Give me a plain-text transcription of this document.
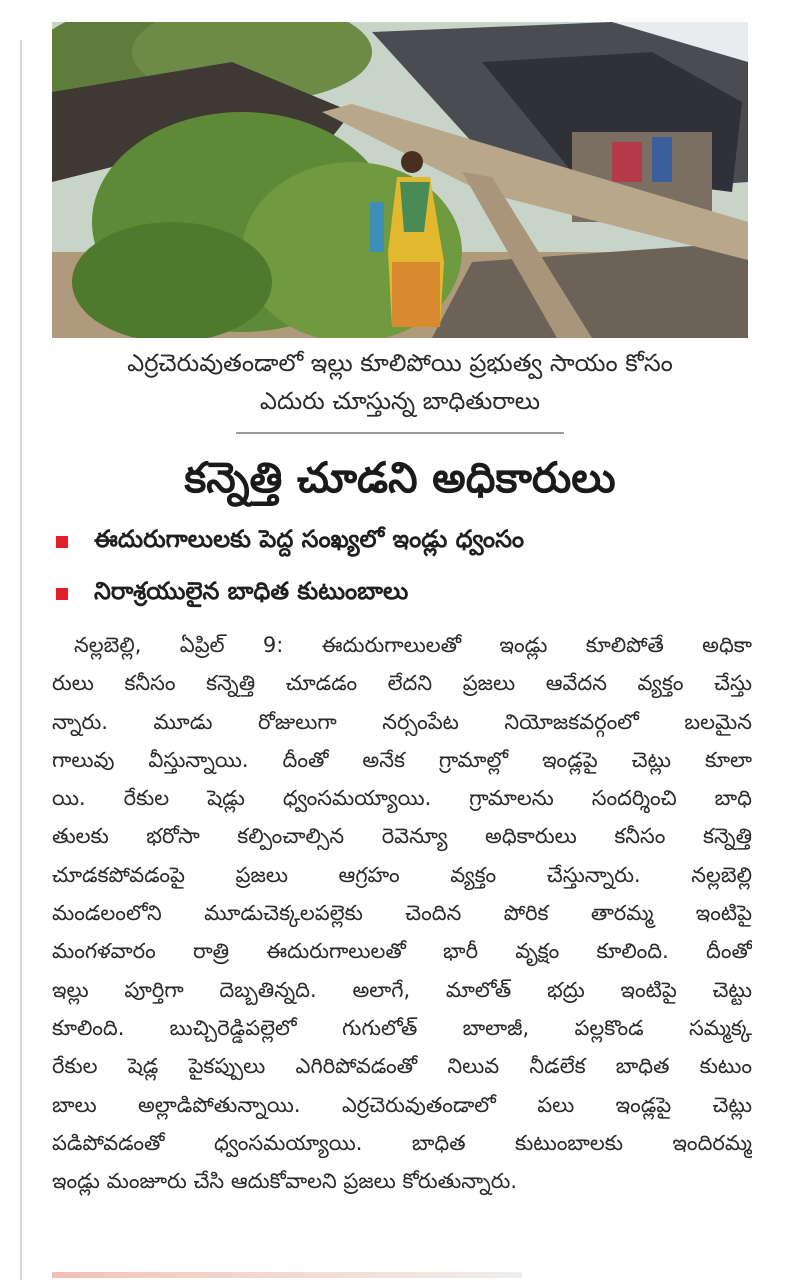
ఎర్రచెరువుతండాలో ఇల్లు కూలిపోయి ప్రభుత్వ సాయం కోసం
ఎదురు చూస్తున్న బాధితురాలు
కన్నెత్తి చూడని అధికారులు
ఈదురుగాలులకు పెద్ద సంఖ్యలో ఇండ్లు ధ్వంసం
నిరాశ్రయులైన బాధిత కుటుంబాలు
నల్లబెల్లి, ఏప్రిల్ 9: ఈదురుగాలులతో ఇండ్లు కూలిపోతే అధికా
రులు కనీసం కన్నెత్తి చూడడం లేదని ప్రజలు ఆవేదన వ్యక్తం చేస్తు
న్నారు. మూడు రోజులుగా నర్సంపేట నియోజకవర్గంలో బలమైన
గాలువు వీస్తున్నాయి. దీంతో అనేక గ్రామాల్లో ఇండ్లపై చెట్లు కూలా
యి. రేకుల షెడ్లు ధ్వంసమయ్యాయి. గ్రామాలను సందర్శించి బాధి
తులకు భరోసా కల్పించాల్సిన రెవెన్యూ అధికారులు కనీసం కన్నెత్తి
చూడకపోవడంపై ప్రజలు ఆగ్రహం వ్యక్తం చేస్తున్నారు. నల్లబెల్లి
మండలంలోని మూడుచెక్కలపల్లెకు చెందిన పోరిక తారమ్మ ఇంటిపై
మంగళవారం రాత్రి ఈదురుగాలులతో భారీ వృక్షం కూలింది. దీంతో
ఇల్లు పూర్తిగా దెబ్బతిన్నది. అలాగే, మాలోత్ భద్రు ఇంటిపై చెట్టు
కూలింది. బుచ్చిరెడ్డిపల్లెలో గుగులోత్ బాలాజీ, పల్లకొండ సమ్మక్క
రేకుల షెడ్ల పైకప్పులు ఎగిరిపోవడంతో నిలువ నీడలేక బాధిత కుటుం
బాలు అల్లాడిపోతున్నాయి. ఎర్రచెరువుతండాలో పలు ఇండ్లపై చెట్లు
పడిపోవడంతో ధ్వంసమయ్యాయి. బాధిత కుటుంబాలకు ఇందిరమ్మ
ఇండ్లు మంజూరు చేసి ఆదుకోవాలని ప్రజలు కోరుతున్నారు.
